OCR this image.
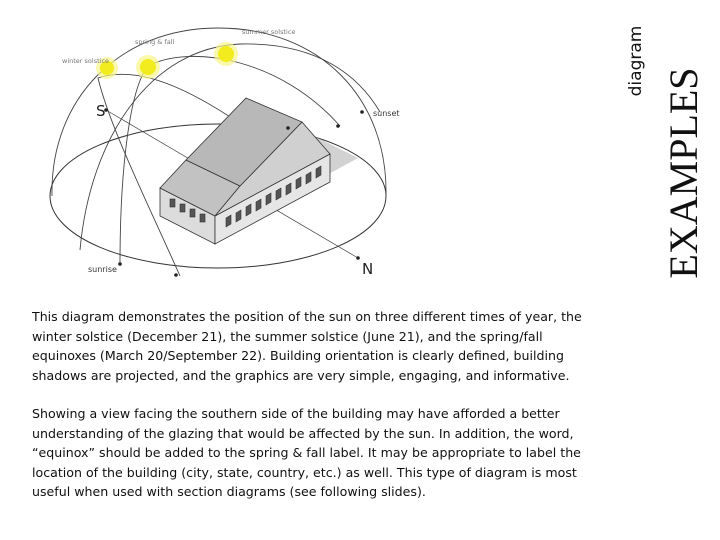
spring & fall
summer solstice
winter solstice
S	sunset
sunrise	N
diagram
EXAMPLES

This diagram demonstrates the position of the sun on three different times of year, the winter solstice (December 21), the summer solstice (June 21), and the spring/fall equinoxes (March 20/September 22). Building orientation is clearly defined, building shadows are projected, and the graphics are very simple, engaging, and informative.

Showing a view facing the southern side of the building may have afforded a better understanding of the glazing that would be affected by the sun. In addition, the word, “equinox” should be added to the spring & fall label. It may be appropriate to label the location of the building (city, state, country, etc.) as well. This type of diagram is most useful when used with section diagrams (see following slides).
